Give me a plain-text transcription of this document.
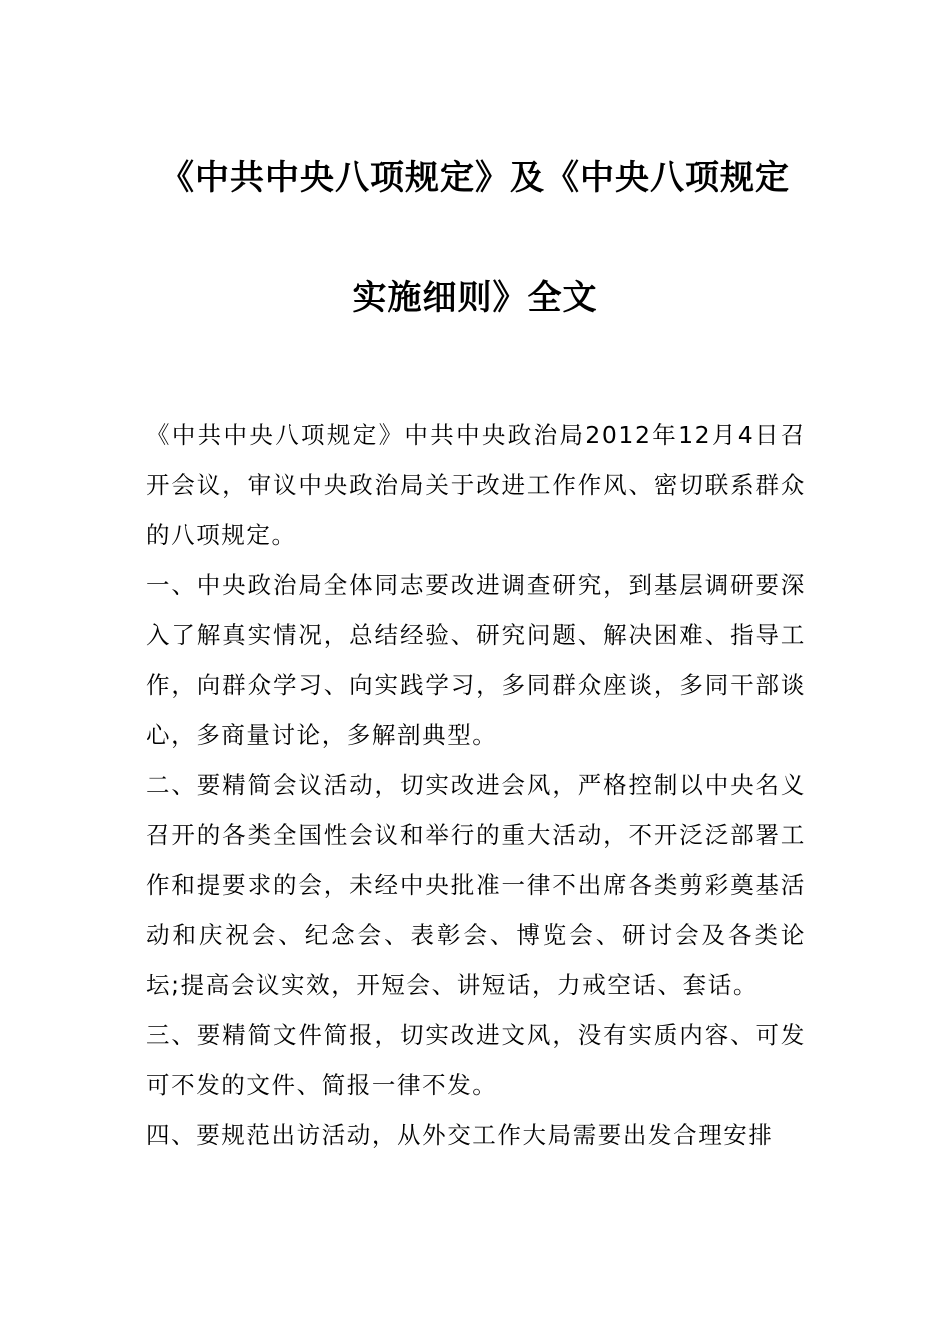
《中共中央八项规定》及《中央八项规定
实施细则》全文

《中共中央八项规定》中共中央政治局2012年12月4日召开会议，审议中央政治局关于改进工作作风、密切联系群众的八项规定。

一、中央政治局全体同志要改进调查研究，到基层调研要深入了解真实情况，总结经验、研究问题、解决困难、指导工作，向群众学习、向实践学习，多同群众座谈，多同干部谈心，多商量讨论，多解剖典型。

二、要精简会议活动，切实改进会风，严格控制以中央名义召开的各类全国性会议和举行的重大活动，不开泛泛部署工作和提要求的会，未经中央批准一律不出席各类剪彩奠基活动和庆祝会、纪念会、表彰会、博览会、研讨会及各类论坛;提高会议实效，开短会、讲短话，力戒空话、套话。

三、要精简文件简报，切实改进文风，没有实质内容、可发可不发的文件、简报一律不发。

四、要规范出访活动，从外交工作大局需要出发合理安排
